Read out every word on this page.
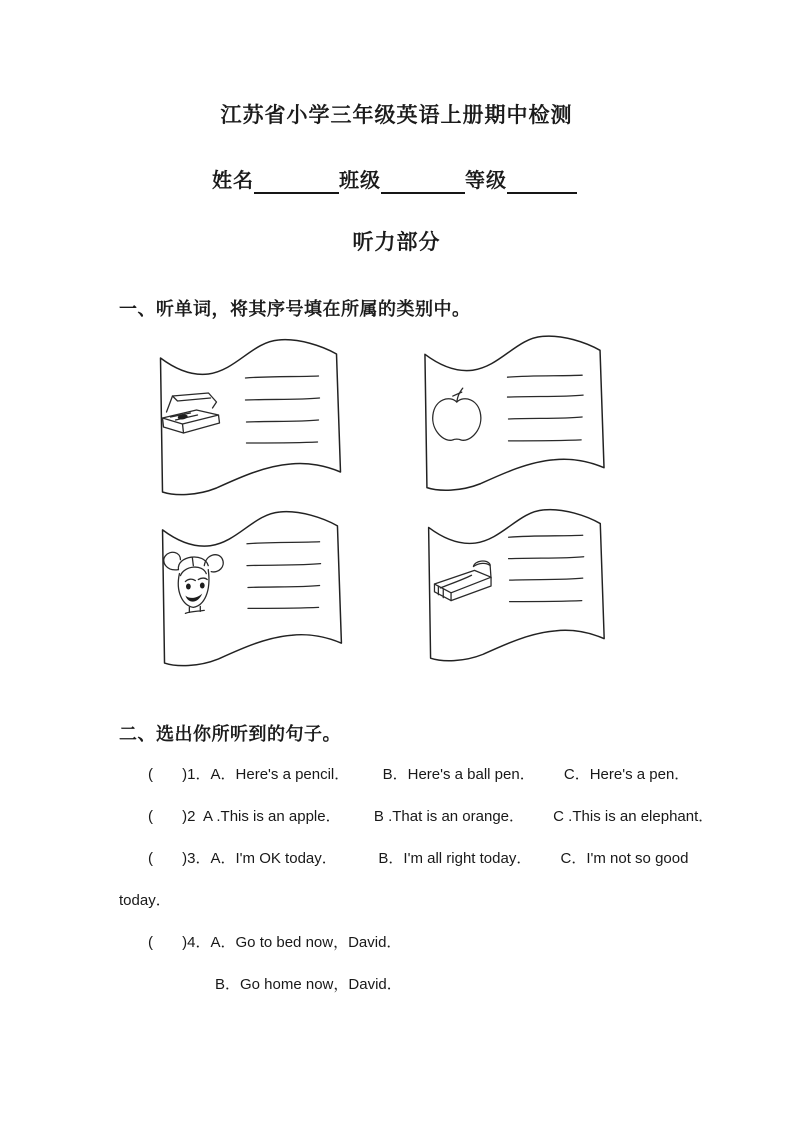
江苏省小学三年级英语上册期中检测
姓名	班级	等级
听力部分
一、听单词，将其序号填在所属的类别中。
二、选出你所听到的句子。
(       )1．A．Here's a pencil．        B．Here's a ball pen．       C．Here's a pen．
(       )2  A .This is an apple．        B .That is an orange．       C .This is an elephant．
(       )3．A．I'm OK today．          B．I'm all right today．       C．I'm not so good
today．
(       )4．A．Go to bed now，David．
B．Go home now，David．
